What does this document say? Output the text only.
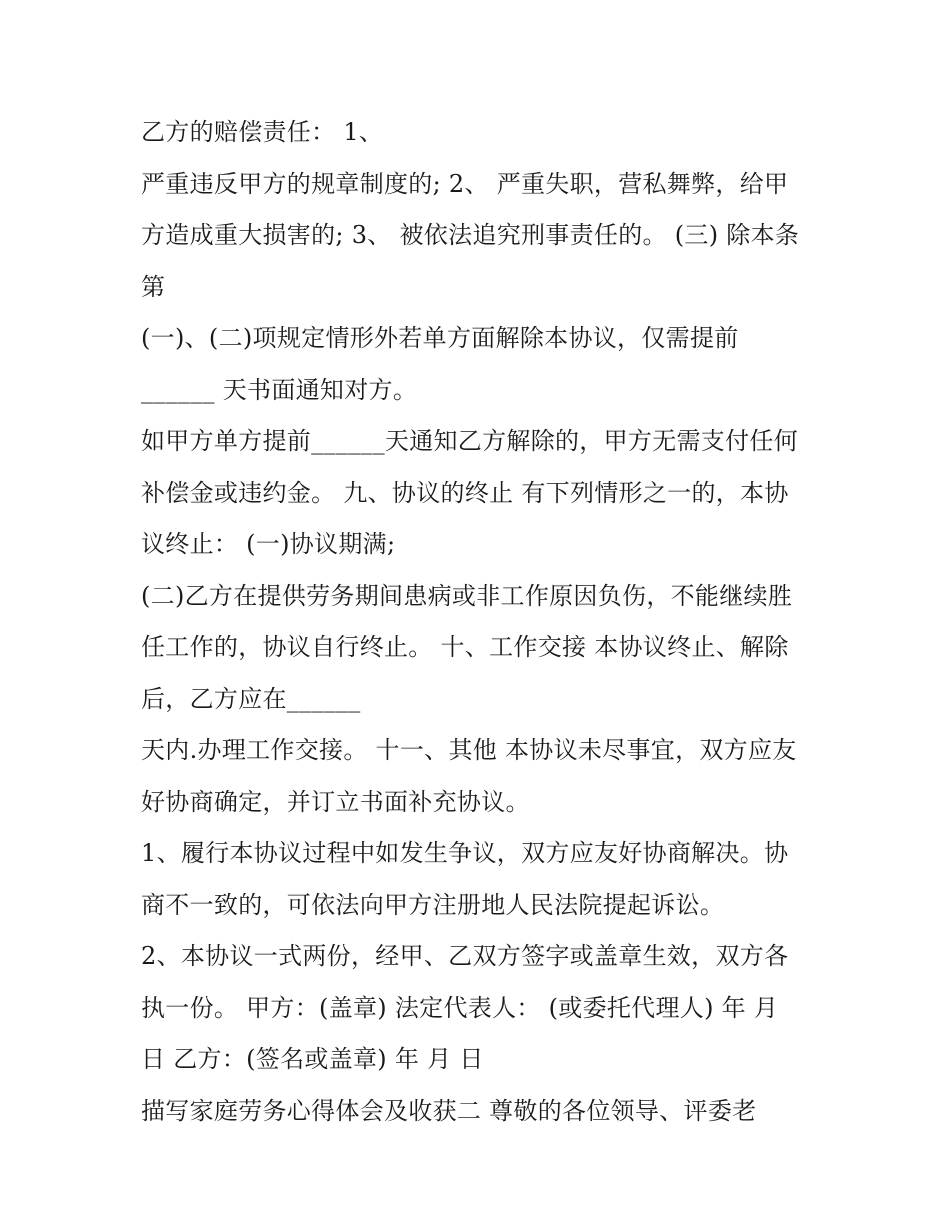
乙方的赔偿责任： 1、
严重违反甲方的规章制度的; 2、 严重失职，营私舞弊，给甲
方造成重大损害的; 3、 被依法追究刑事责任的。 (三) 除本条
第
(一)、(二)项规定情形外若单方面解除本协议，仅需提前
______ 天书面通知对方。
如甲方单方提前______天通知乙方解除的，甲方无需支付任何
补偿金或违约金。 九、协议的终止 有下列情形之一的，本协
议终止： (一)协议期满;
(二)乙方在提供劳务期间患病或非工作原因负伤，不能继续胜
任工作的，协议自行终止。 十、工作交接 本协议终止、解除
后，乙方应在______
天内.办理工作交接。 十一、其他 本协议未尽事宜，双方应友
好协商确定，并订立书面补充协议。
1、履行本协议过程中如发生争议，双方应友好协商解决。协
商不一致的，可依法向甲方注册地人民法院提起诉讼。
2、本协议一式两份，经甲、乙双方签字或盖章生效，双方各
执一份。 甲方：(盖章) 法定代表人： (或委托代理人) 年 月
日 乙方：(签名或盖章) 年 月 日
描写家庭劳务心得体会及收获二 尊敬的各位领导、评委老
